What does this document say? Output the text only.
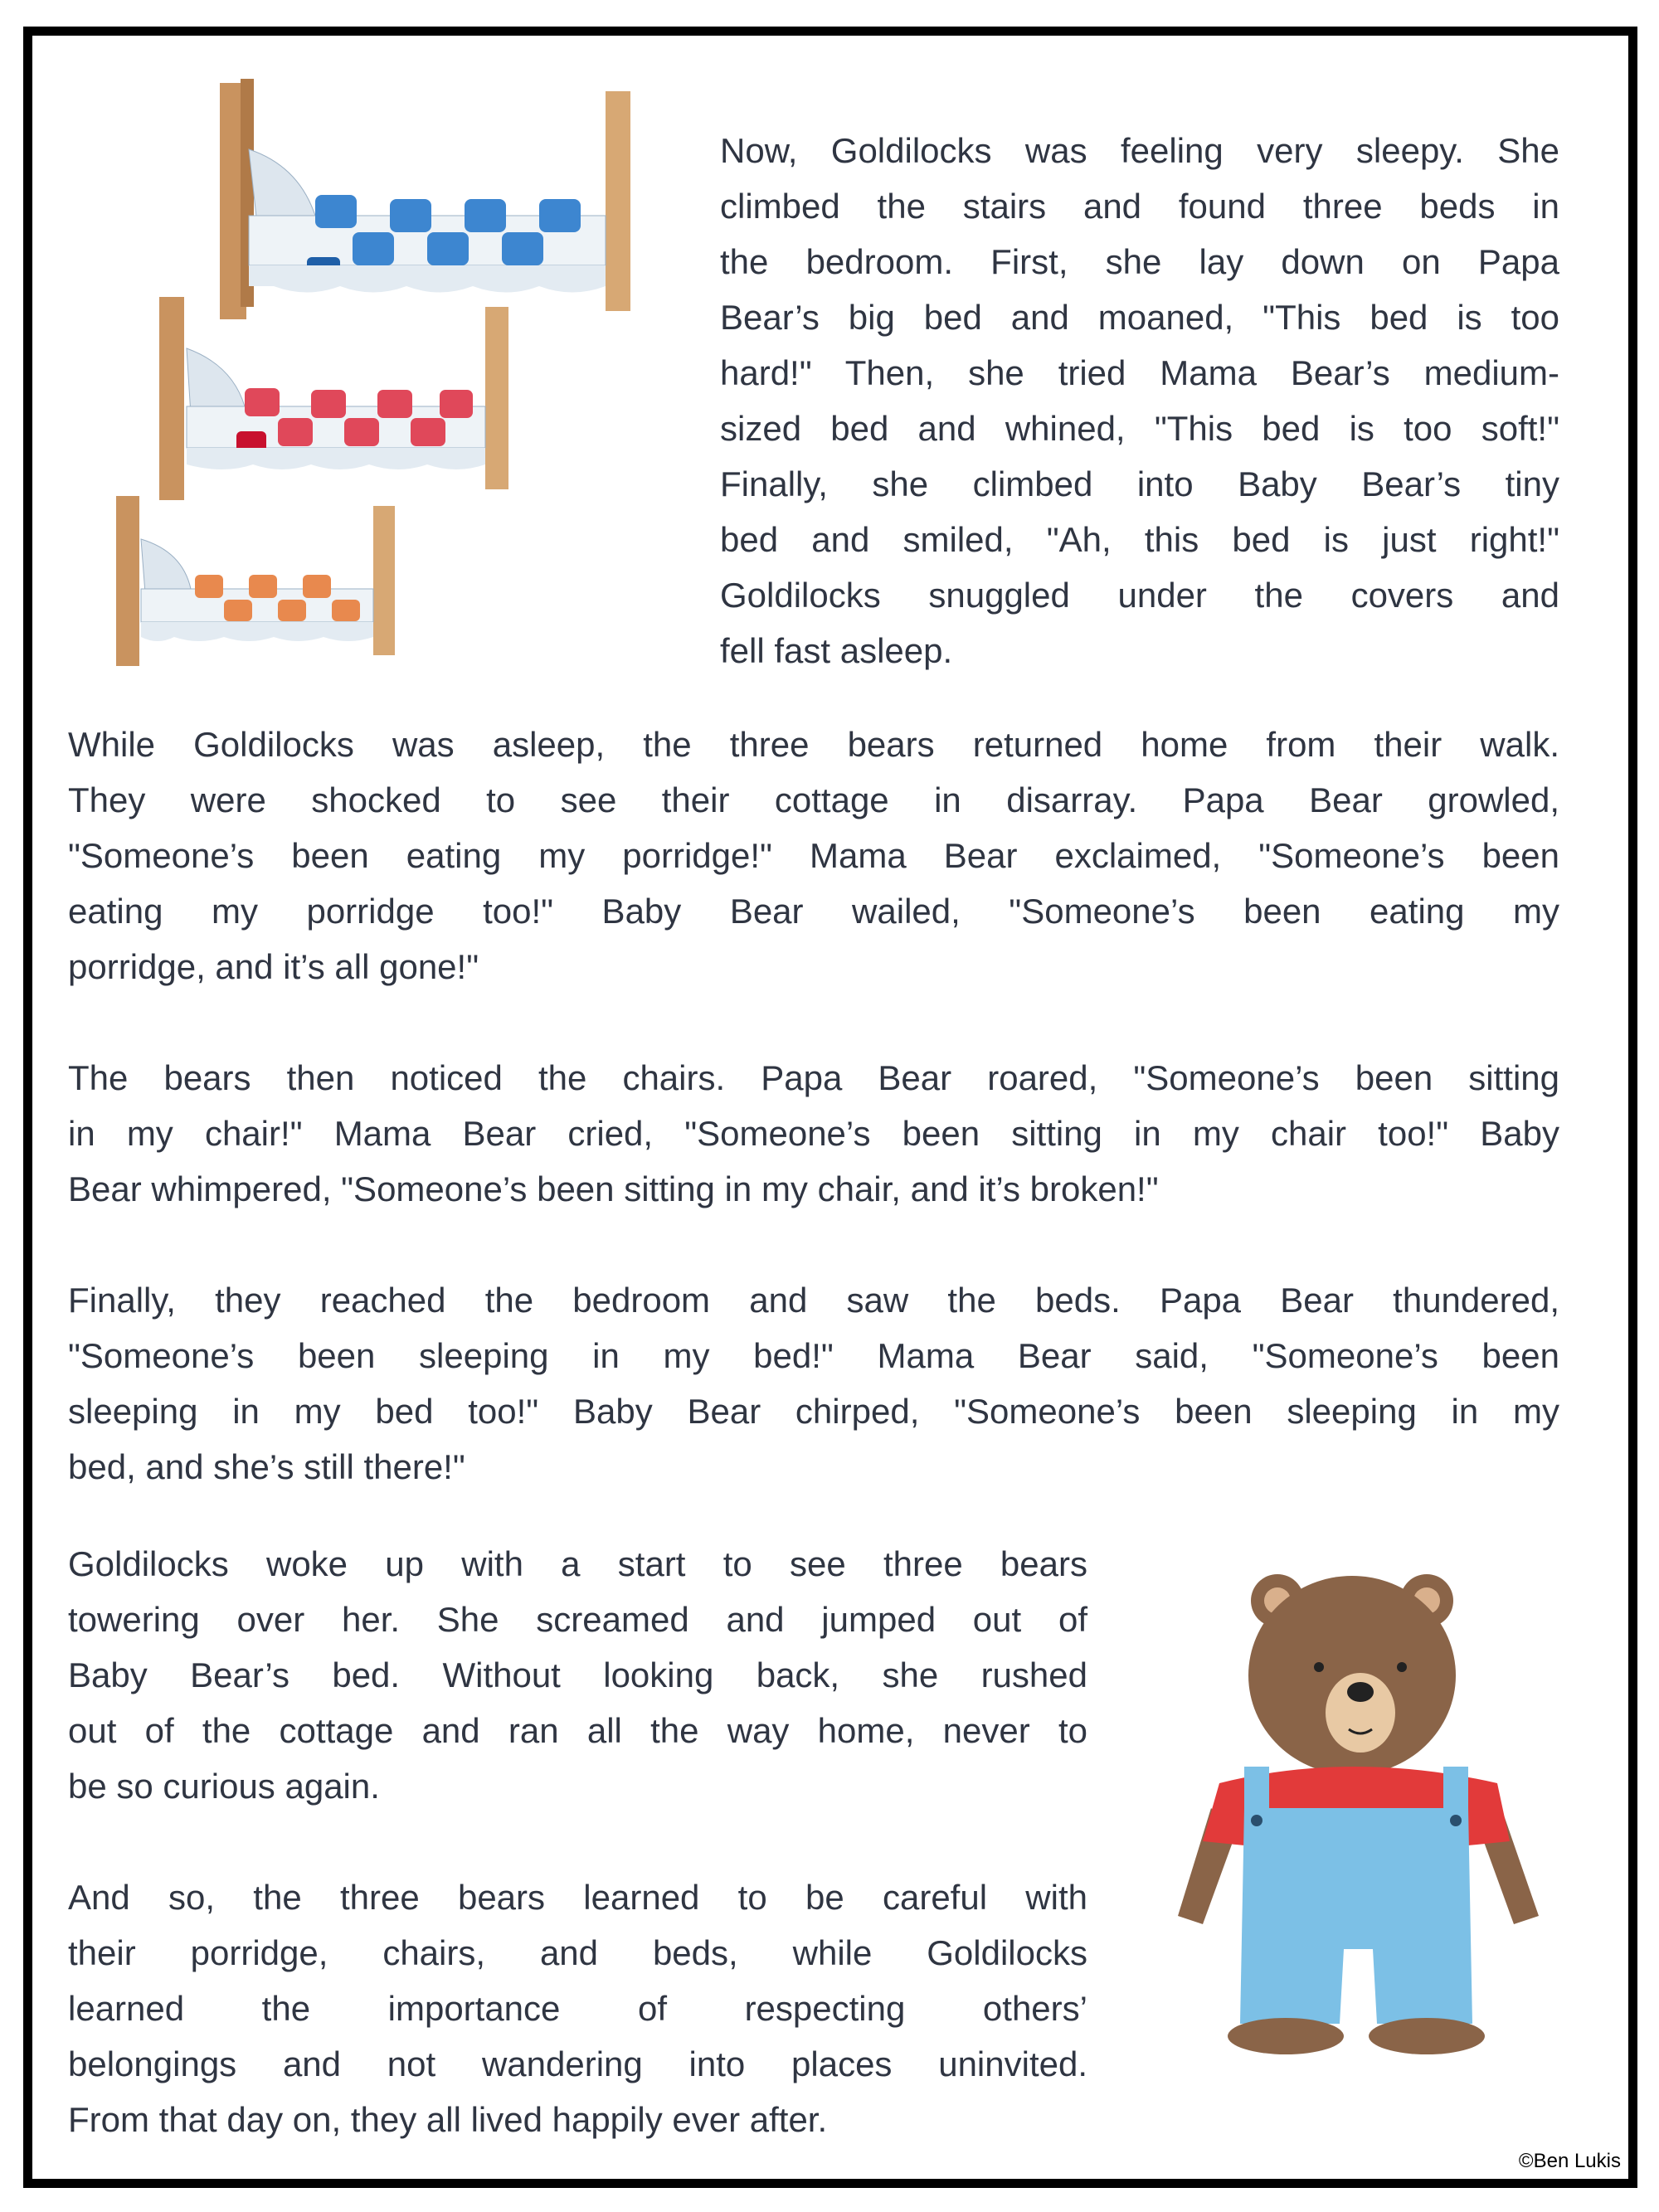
Now, Goldilocks was feeling very sleepy. She
climbed the stairs and found three beds in
the bedroom. First, she lay down on Papa
Bear’s big bed and moaned, "This bed is too
hard!" Then, she tried Mama Bear’s medium-
sized bed and whined, "This bed is too soft!"
Finally, she climbed into Baby Bear’s tiny
bed and smiled, "Ah, this bed is just right!"
Goldilocks snuggled under the covers and
fell fast asleep.
While Goldilocks was asleep, the three bears returned home from their walk.
They were shocked to see their cottage in disarray. Papa Bear growled,
"Someone’s been eating my porridge!" Mama Bear exclaimed, "Someone’s been
eating my porridge too!" Baby Bear wailed, "Someone’s been eating my
porridge, and it’s all gone!"
The bears then noticed the chairs. Papa Bear roared, "Someone’s been sitting
in my chair!" Mama Bear cried, "Someone’s been sitting in my chair too!" Baby
Bear whimpered, "Someone’s been sitting in my chair, and it’s broken!"
Finally, they reached the bedroom and saw the beds. Papa Bear thundered,
"Someone’s been sleeping in my bed!" Mama Bear said, "Someone’s been
sleeping in my bed too!" Baby Bear chirped, "Someone’s been sleeping in my
bed, and she’s still there!"
Goldilocks woke up with a start to see three bears
towering over her. She screamed and jumped out of
Baby Bear’s bed. Without looking back, she rushed
out of the cottage and ran all the way home, never to
be so curious again.
And so, the three bears learned to be careful with
their porridge, chairs, and beds, while Goldilocks
learned the importance of respecting others’
belongings and not wandering into places uninvited.
From that day on, they all lived happily ever after.
©Ben Lukis
